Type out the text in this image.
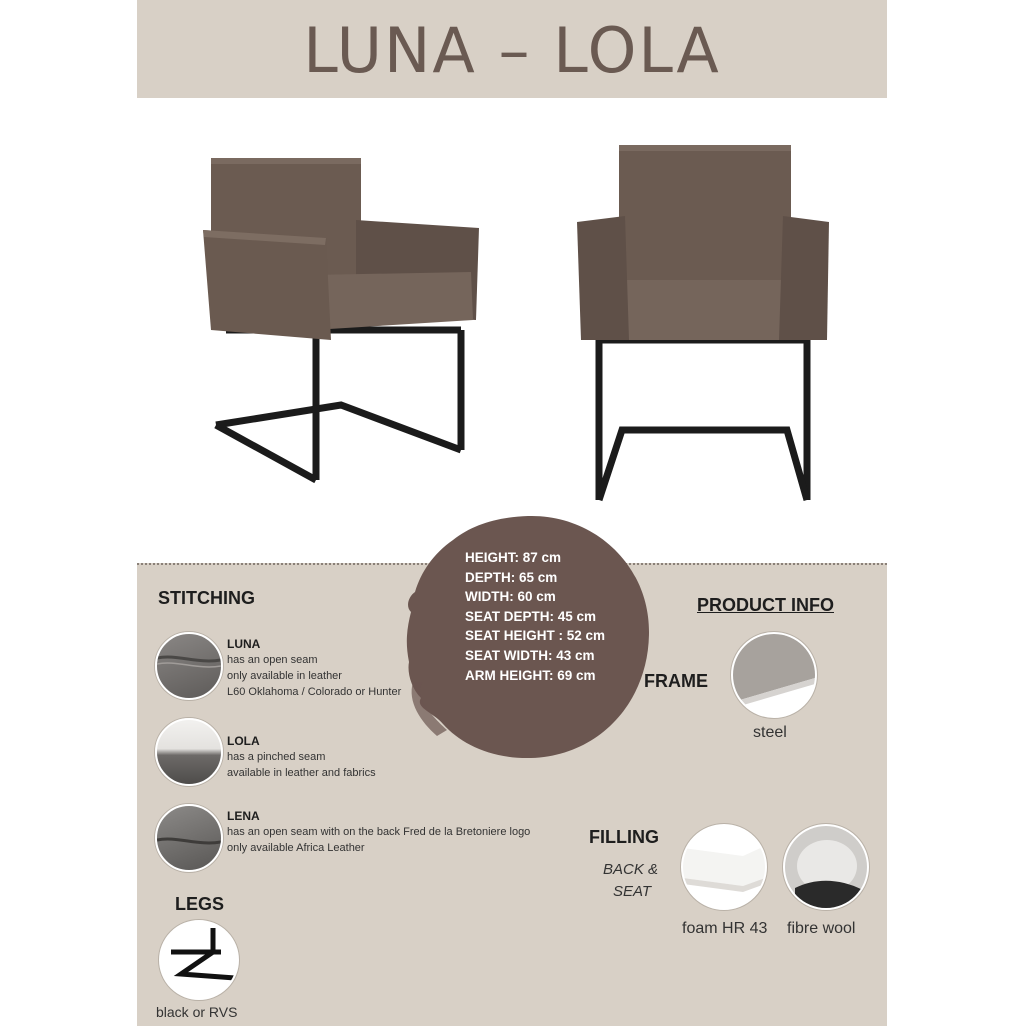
LUNA – LOLA
HEIGHT: 87 cm
DEPTH: 65 cm
WIDTH: 60 cm
SEAT DEPTH: 45 cm
SEAT HEIGHT : 52 cm
SEAT WIDTH: 43 cm
ARM HEIGHT: 69 cm
STITCHING
LUNA
has an open seam
only available in leather
L60 Oklahoma / Colorado or Hunter
LOLA
has a pinched seam
available in leather and fabrics
LENA
has an open seam with on the back Fred de la Bretoniere logo
only available Africa Leather
LEGS
black or RVS
PRODUCT INFO
FRAME
steel
FILLING
BACK &
SEAT
foam HR 43 fibre wool
